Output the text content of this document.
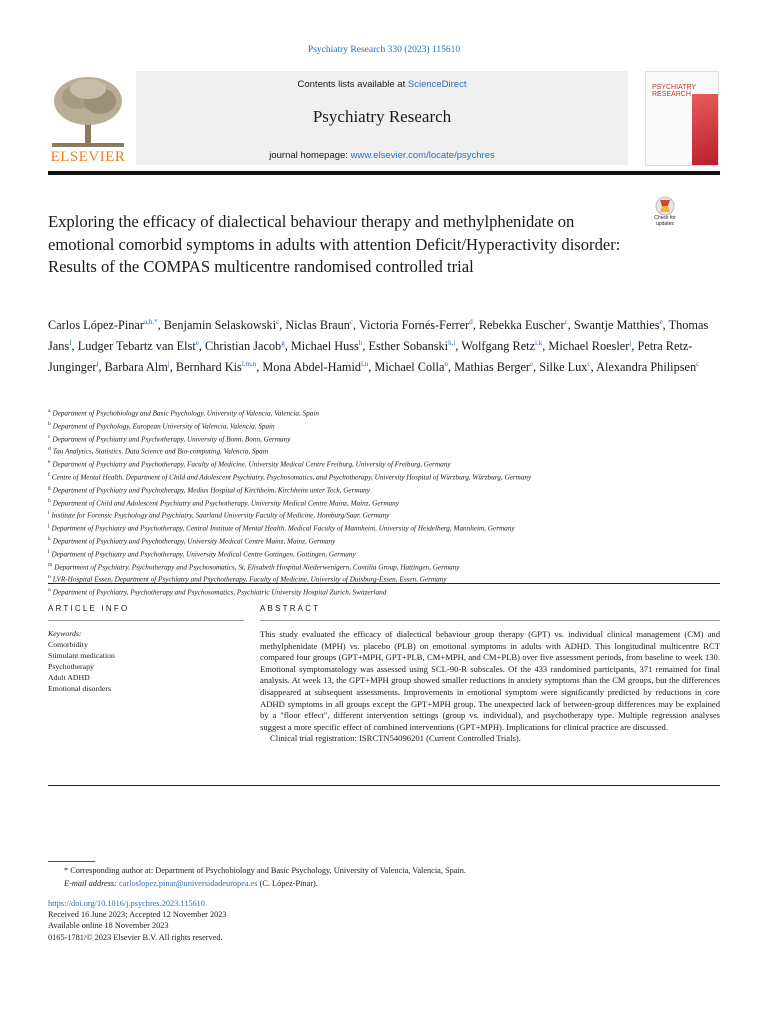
Psychiatry Research 330 (2023) 115610
ELSEVIER
Contents lists available at ScienceDirect
Psychiatry Research
journal homepage: www.elsevier.com/locate/psychres
PSYCHIATRY RESEARCH
Check for updates
Exploring the efficacy of dialectical behaviour therapy and methylphenidate on emotional comorbid symptoms in adults with attention Deficit/Hyperactivity disorder: Results of the COMPAS multicentre randomised controlled trial
Carlos López-Pinar$^{a,b,*}$, Benjamin Selaskowski$^c$, Niclas Braun$^c$, Victoria Fornés-Ferrer$^d$, Rebekka Euscher$^c$, Swantje Matthies$^e$, Thomas Jans$^f$, Ludger Tebartz van Elst$^e$, Christian Jacob$^g$, Michael Huss$^h$, Esther Sobanski$^{h,i}$, Wolfgang Retz$^{i,k}$, Michael Roesler$^j$, Petra Retz-Junginger$^i$, Barbara Alm$^j$, Bernhard Kis$^{l,m,n}$, Mona Abdel-Hamid$^{l,n}$, Michael Colla$^o$, Mathias Berger$^e$, Silke Lux$^c$, Alexandra Philipsen$^c$
$^a$ Department of Psychobiology and Basic Psychology, University of Valencia, Valencia, Spain
$^b$ Department of Psychology, European University of Valencia, Valencia, Spain
$^c$ Department of Psychiatry and Psychotherapy, University of Bonn, Bonn, Germany
$^d$ Tau Analytics, Statistics, Data Science and Bio-computing, Valencia, Spain
$^e$ Department of Psychiatry and Psychotherapy, Faculty of Medicine, University Medical Centre Freiburg, University of Freiburg, Germany
$^f$ Centre of Mental Health, Department of Child and Adolescent Psychiatry, Psychosomatics, and Psychotherapy, University Hospital of Würzburg, Würzburg, Germany
$^g$ Department of Psychiatry and Psychotherapy, Medius Hospital of Kirchheim, Kirchheim unter Teck, Germany
$^h$ Department of Child and Adolescent Psychiatry and Psychotherapy, University Medical Centre Mainz, Mainz, Germany
$^i$ Institute for Forensic Psychology and Psychiatry, Saarland University Faculty of Medicine, Homburg/Saar, Germany
$^j$ Department of Psychiatry and Psychotherapy, Central Institute of Mental Health, Medical Faculty of Mannheim, University of Heidelberg, Mannheim, Germany
$^k$ Department of Psychiatry and Psychotherapy, University Medical Centre Mainz, Mainz, Germany
$^l$ Department of Psychiatry and Psychotherapy, University Medical Centre Gottingen, Gottingen, Germany
$^m$ Department of Psychiatry, Psychotherapy and Psychosomatics, St. Elisabeth Hospital Niederwenigern, Contilia Group, Hattingen, Germany
$^n$ LVR-Hospital Essen, Department of Psychiatry and Psychotherapy, Faculty of Medicine, University of Duisburg-Essen, Essen, Germany
$^o$ Department of Psychiatry, Psychotherapy and Psychosomatics, Psychiatric University Hospital Zurich, Switzerland
ARTICLE INFO
Keywords:
Comorbidity
Stimulant medication
Psychotherapy
Adult ADHD
Emotional disorders
ABSTRACT

This study evaluated the efficacy of dialectical behaviour group therapy (GPT) vs. individual clinical management (CM) and methylphenidate (MPH) vs. placebo (PLB) on emotional symptoms in adults with ADHD. This longitudinal multicentre RCT compared four groups (GPT+MPH, GPT+PLB, CM+MPH, and CM+PLB) over five assessment periods, from baseline to week 130. Emotional symptomatology was assessed using SCL-90-R subscales. Of the 433 randomised participants, 371 remained for final analysis. At week 13, the GPT+MPH group showed smaller reductions in anxiety symptoms than the CM groups, but the differences disappeared at subsequent assessments. Improvements in emotional symptom were significantly predicted by reductions in core ADHD symptoms in all groups except the GPT+MPH group. The unexpected lack of between-group differences may be explained by a "floor effect", different intervention settings (group vs. individual), and psychotherapy type. Multiple regression analyses suggest a more specific effect of combined interventions (GPT+MPH). Implications for clinical practice are discussed.

Clinical trial registration: ISRCTN54096201 (Current Controlled Trials).

* Corresponding author at: Department of Psychobiology and Basic Psychology, University of Valencia, Valencia, Spain.
E-mail address: carloslopez.pinar@universidadeuropea.es (C. López-Pinar).
https://doi.org/10.1016/j.psychres.2023.115610
Received 16 June 2023; Accepted 12 November 2023
Available online 18 November 2023
0165-1781/© 2023 Elsevier B.V. All rights reserved.
